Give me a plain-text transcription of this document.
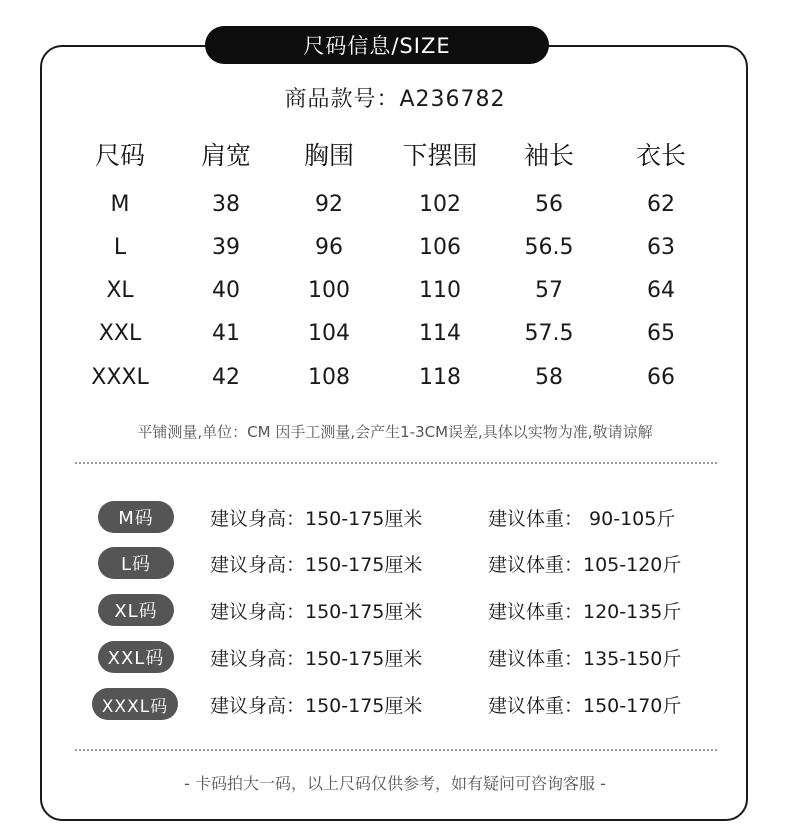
尺码信息/SIZE
商品款号：A236782
尺码 肩宽 胸围 下摆围 袖长 衣长
M	38	92	102	56	62
L	39	96	106	56.5	63
XL	40	100	110	57	64
XXL	41	104	114	57.5	65
XXXL	42	108	118	58	66
平铺测量,单位：CM 因手工测量,会产生1-3CM误差,具体以实物为准,敬请谅解
M码	建议身高：150-175厘米	建议体重： 90-105斤
L码	建议身高：150-175厘米	建议体重：105-120斤
XL码	建议身高：150-175厘米	建议体重：120-135斤
XXL码	建议身高：150-175厘米	建议体重：135-150斤
XXXL码	建议身高：150-175厘米	建议体重：150-170斤
- 卡码拍大一码，以上尺码仅供参考，如有疑问可咨询客服 -
